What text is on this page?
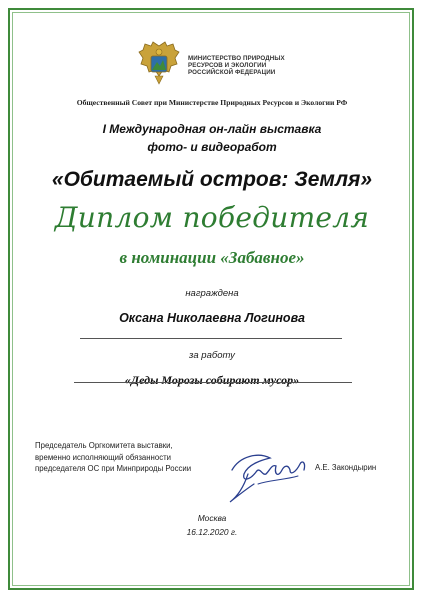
МИНИСТЕРСТВО ПРИРОДНЫХ
РЕСУРСОВ И ЭКОЛОГИИ
РОССИЙСКОЙ ФЕДЕРАЦИИ
Общественный Совет при Министерстве Природных Ресурсов и Экологии РФ
I Международная он-лайн выставка
фото- и видеоработ
«Обитаемый остров: Земля»
Диплом победителя
в номинации «Забавное»
награждена
Оксана Николаевна Логинова
за работу
«Деды Морозы собирают мусор»
Председатель Оргкомитета выставки,
временно исполняющий обязанности
председателя ОС при Минприроды России	А.Е. Закондырин
Москва
16.12.2020 г.
